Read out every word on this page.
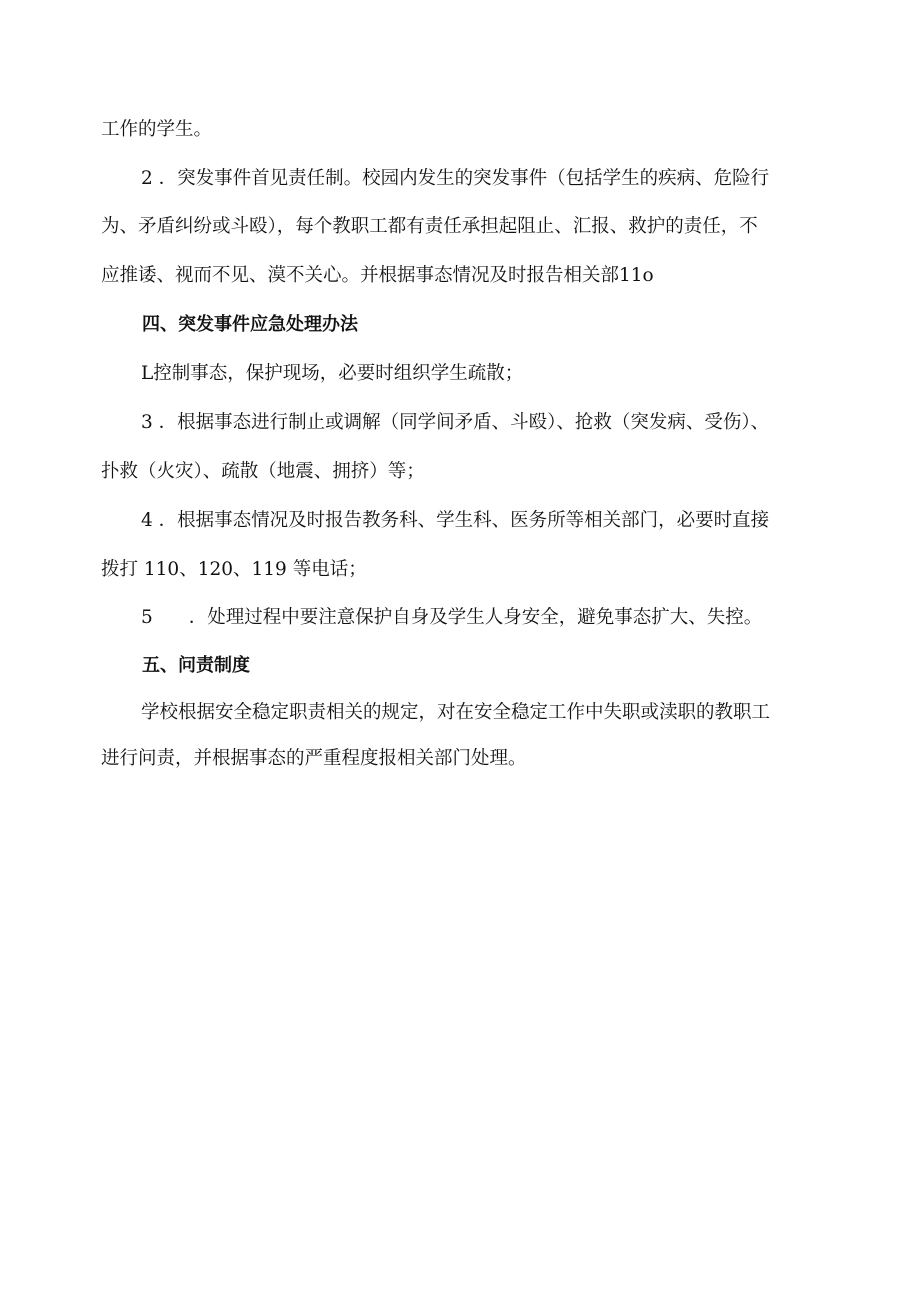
工作的学生。

2 ．突发事件首见责任制。校园内发生的突发事件（包括学生的疾病、危险行

为、矛盾纠纷或斗殴），每个教职工都有责任承担起阻止、汇报、救护的责任，不

应推诿、视而不见、漠不关心。并根据事态情况及时报告相关部11o

四、突发事件应急处理办法

L控制事态，保护现场，必要时组织学生疏散；

3 ．根据事态进行制止或调解（同学间矛盾、斗殴）、抢救（突发病、受伤）、

扑救（火灾）、疏散（地震、拥挤）等；

4 ．根据事态情况及时报告教务科、学生科、医务所等相关部门，必要时直接

拨打 110、120、119 等电话；

5 ．处理过程中要注意保护自身及学生人身安全，避免事态扩大、失控。

五、问责制度

学校根据安全稳定职责相关的规定，对在安全稳定工作中失职或渎职的教职工

进行问责，并根据事态的严重程度报相关部门处理。
